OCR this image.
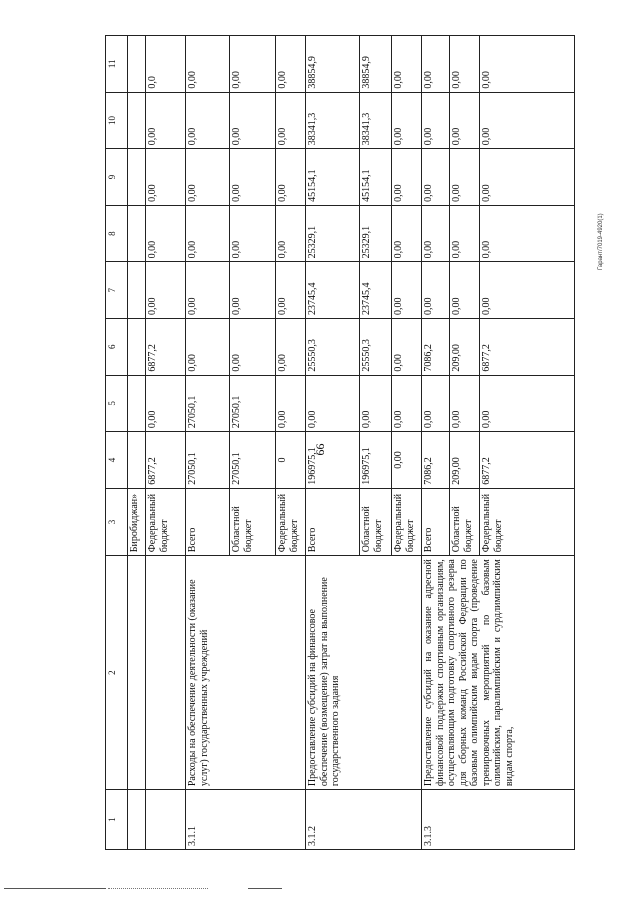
99
Гарант/7019-4920(1)
1	2	3	4	5	6	7	8	9	10	11
		Биробиджан»								
		Федеральный бюджет	6877,2	0,00	6877,2	0,00	0,00	0,00	0,00	0,0
3.1.1	Расходы на обеспечение деятельности (оказание услуг) государственных учреждений	Всего	27050,1	27050,1	0,00	0,00	0,00	0,00	0,00	0,00
		Областной бюджет	27050,1	27050,1	0,00	0,00	0,00	0,00	0,00	0,00
		Федеральный бюджет	0	0,00	0,00	0,00	0,00	0,00	0,00	0,00
3.1.2	Предоставление субсидий на финансовое обеспечение (возмещение) затрат на выполнение государственного задания	Всего	196975,1	0,00	25550,3	23745,4	25329,1	45154,1	38341,3	38854,9
		Областной бюджет	196975,1	0,00	25550,3	23745,4	25329,1	45154,1	38341,3	38854,9
		Федеральный бюджет	0,00	0,00	0,00	0,00	0,00	0,00	0,00	0,00
3.1.3	Предоставление субсидий на оказание адресной финансовой поддержки спортивным организациям, осуществляющим подготовку спортивного резерва для сборных команд Российской Федерации по базовым олимпийским видам спорта (проведение тренировочных мероприятий по базовым олимпийским, паралимпийским и сурдлимпийским видам спорта,	Всего	7086,2	0,00	7086,2	0,00	0,00	0,00	0,00	0,00
		Областной бюджет	209,00	0,00	209,00	0,00	0,00	0,00	0,00	0,00
		Федеральный бюджет	6877,2	0,00	6877,2	0,00	0,00	0,00	0,00	0,00
